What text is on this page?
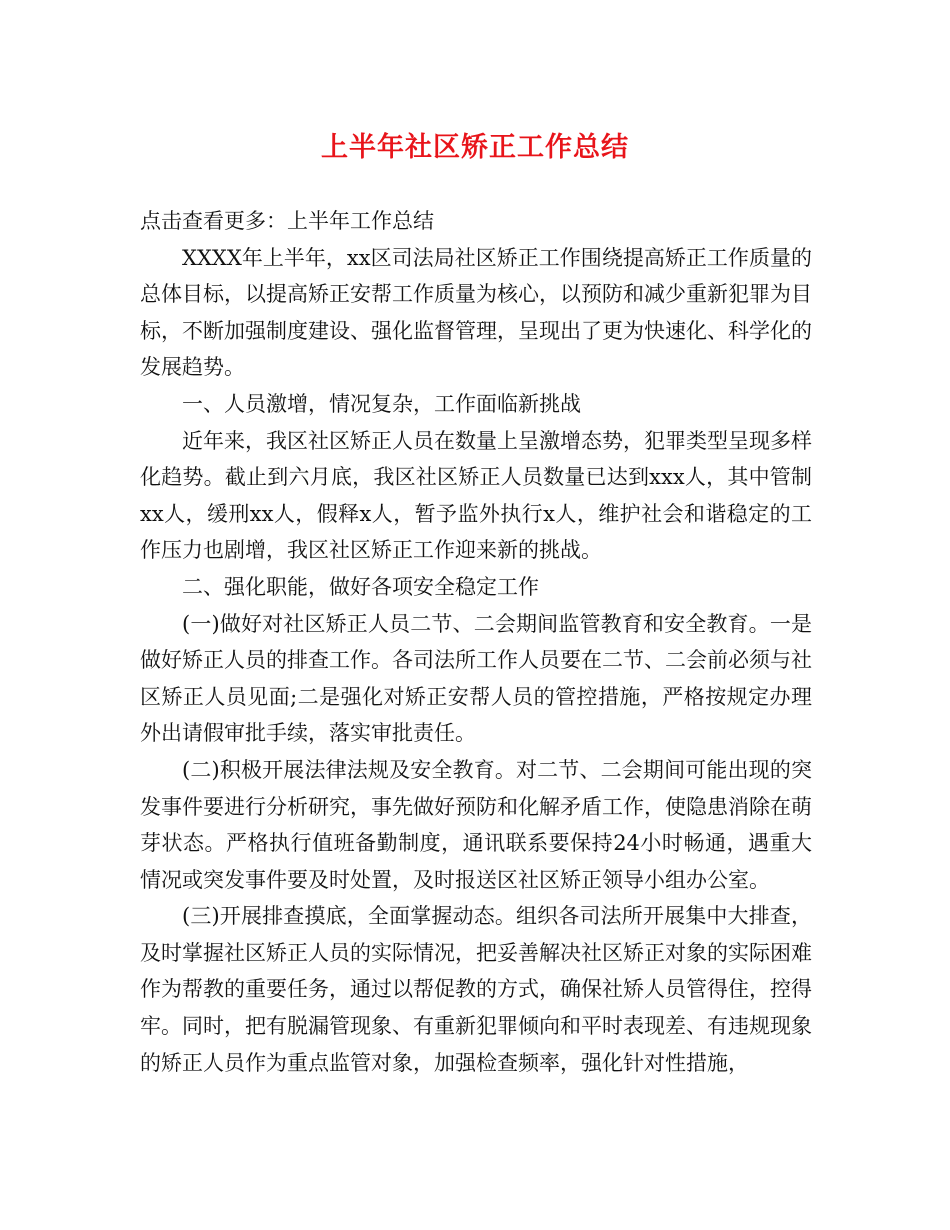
上半年社区矫正工作总结

点击查看更多：上半年工作总结

XXXX年上半年，xx区司法局社区矫正工作围绕提高矫正工作质量的总体目标，以提高矫正安帮工作质量为核心，以预防和减少重新犯罪为目标，不断加强制度建设、强化监督管理，呈现出了更为快速化、科学化的发展趋势。

一、人员激增，情况复杂，工作面临新挑战

近年来，我区社区矫正人员在数量上呈激增态势，犯罪类型呈现多样化趋势。截止到六月底，我区社区矫正人员数量已达到xxx人，其中管制xx人，缓刑xx人，假释x人，暂予监外执行x人，维护社会和谐稳定的工作压力也剧增，我区社区矫正工作迎来新的挑战。

二、强化职能，做好各项安全稳定工作

(一)做好对社区矫正人员二节、二会期间监管教育和安全教育。一是做好矫正人员的排查工作。各司法所工作人员要在二节、二会前必须与社区矫正人员见面;二是强化对矫正安帮人员的管控措施，严格按规定办理外出请假审批手续，落实审批责任。

(二)积极开展法律法规及安全教育。对二节、二会期间可能出现的突发事件要进行分析研究，事先做好预防和化解矛盾工作，使隐患消除在萌芽状态。严格执行值班备勤制度，通讯联系要保持24小时畅通，遇重大情况或突发事件要及时处置，及时报送区社区矫正领导小组办公室。

(三)开展排查摸底，全面掌握动态。组织各司法所开展集中大排查，及时掌握社区矫正人员的实际情况，把妥善解决社区矫正对象的实际困难作为帮教的重要任务，通过以帮促教的方式，确保社矫人员管得住，控得牢。同时，把有脱漏管现象、有重新犯罪倾向和平时表现差、有违规现象的矫正人员作为重点监管对象，加强检查频率，强化针对性措施，
